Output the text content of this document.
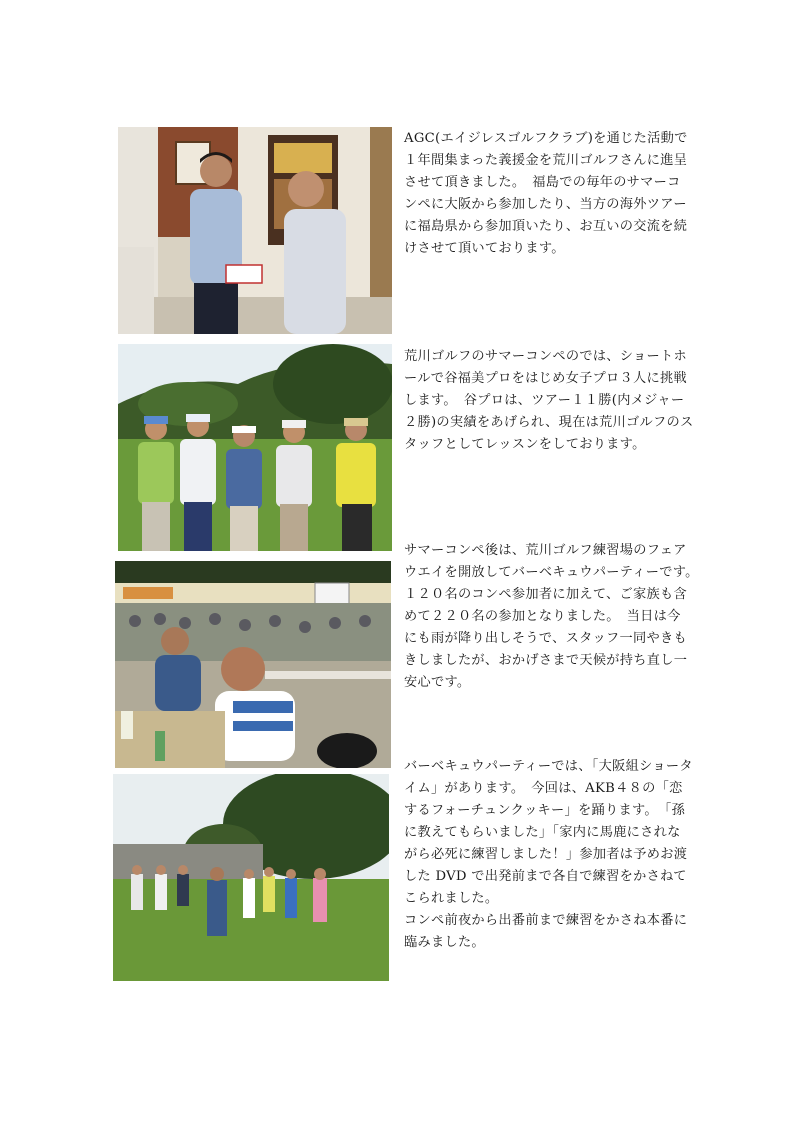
AGC(エイジレスゴルフクラブ)を通じた活動で１年間集まった義援金を荒川ゴルフさんに進呈させて頂きました。　福島での毎年のサマーコンペに大阪から参加したり、当方の海外ツアーに福島県から参加頂いたり、お互いの交流を続けさせて頂いております。

荒川ゴルフのサマーコンペのでは、ショートホールで谷福美プロをはじめ女子プロ３人に挑戦します。　谷プロは、ツアー１１勝(内メジャー２勝)の実績をあげられ、現在は荒川ゴルフのスタッフとしてレッスンをしております。

サマーコンペ後は、荒川ゴルフ練習場のフェアウエイを開放してバーベキュウパーティーです。　１２０名のコンペ参加者に加えて、ご家族も含めて２２０名の参加となりました。　当日は今にも雨が降り出しそうで、スタッフ一同やきもきしましたが、おかげさまで天候が持ち直し一安心です。

バーベキュウパーティーでは、「大阪組ショータイム」があります。　今回は、AKB４８の「恋するフォーチュンクッキー」を踊ります。　「孫に教えてもらいました」「家内に馬鹿にされながら必死に練習しました！」参加者は予めお渡した DVD で出発前まで各自で練習をかさねてこられました。

コンペ前夜から出番前まで練習をかさね本番に臨みました。
